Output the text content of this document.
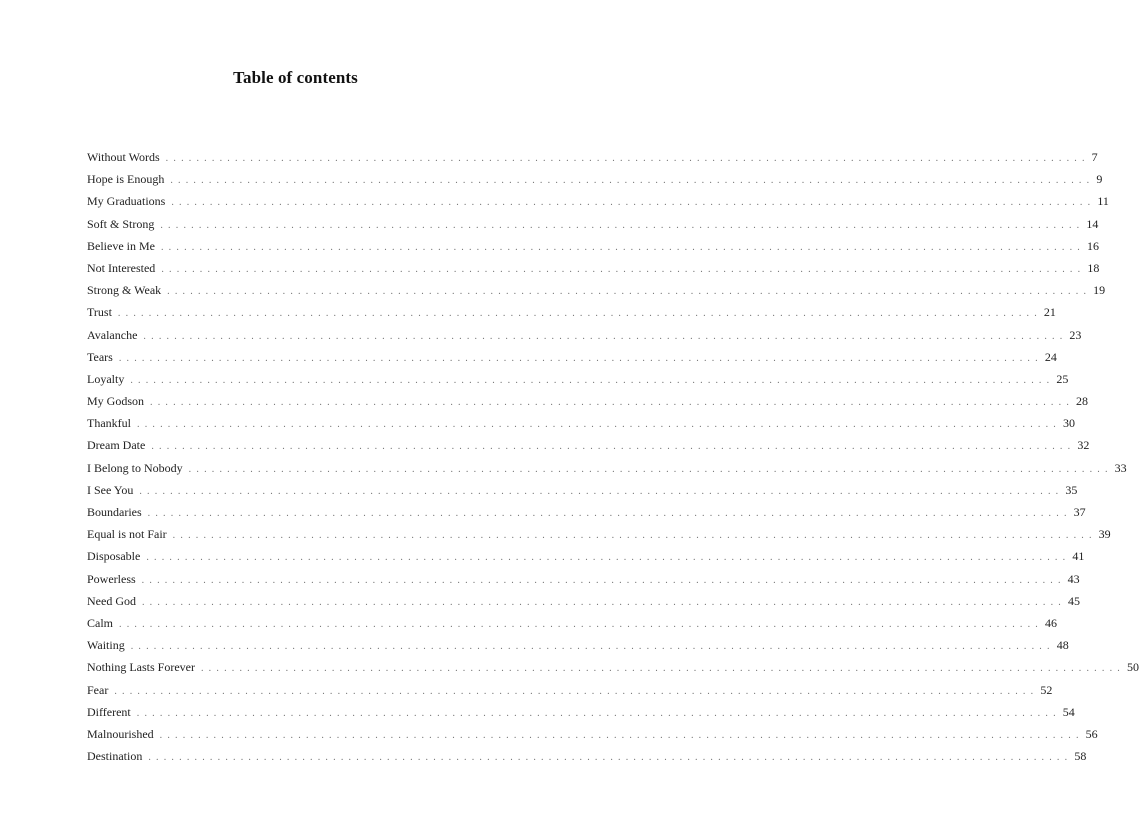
Table of contents
Without Words ........................................................................................................................ 7
Hope is Enough ........................................................................................................................ 9
My Graduations ........................................................................................................................ 11
Soft & Strong ........................................................................................................................ 14
Believe in Me ........................................................................................................................ 16
Not Interested ........................................................................................................................ 18
Strong & Weak ........................................................................................................................ 19
Trust ........................................................................................................................ 21
Avalanche ........................................................................................................................ 23
Tears ........................................................................................................................ 24
Loyalty ........................................................................................................................ 25
My Godson ........................................................................................................................ 28
Thankful ........................................................................................................................ 30
Dream Date ........................................................................................................................ 32
I Belong to Nobody ........................................................................................................................ 33
I See You ........................................................................................................................ 35
Boundaries ........................................................................................................................ 37
Equal is not Fair ........................................................................................................................ 39
Disposable ........................................................................................................................ 41
Powerless ........................................................................................................................ 43
Need God ........................................................................................................................ 45
Calm ........................................................................................................................ 46
Waiting ........................................................................................................................ 48
Nothing Lasts Forever ........................................................................................................................ 50
Fear ........................................................................................................................ 52
Different ........................................................................................................................ 54
Malnourished ........................................................................................................................ 56
Destination ........................................................................................................................ 58
